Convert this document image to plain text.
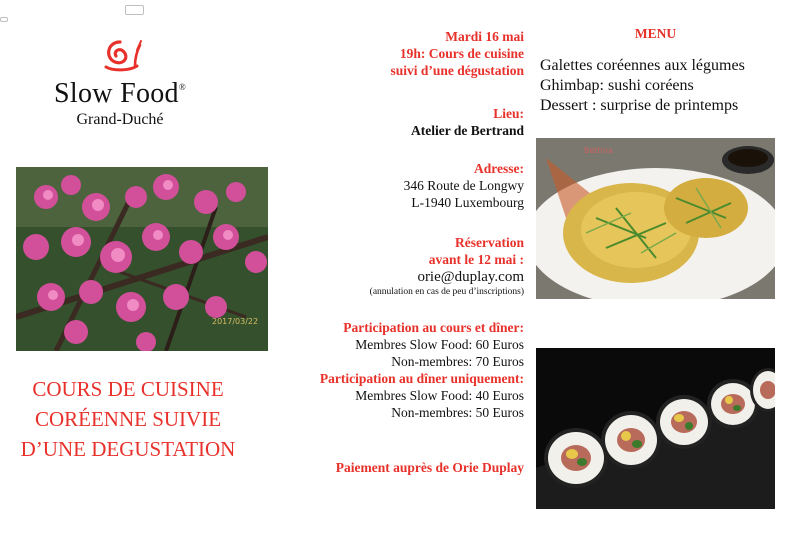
Slow Food®
Grand-Duché
2017/03/22
COURS DE CUISINE
CORÉENNE SUIVIE
D’UNE DEGUSTATION
Mardi 16 mai
19h: Cours de cuisine
suivi d’une dégustation
Lieu:
Atelier de Bertrand
Adresse:
346 Route de Longwy
L-1940 Luxembourg
Réservation
avant le 12 mai :
orie@duplay.com
(annulation en cas de peu d’inscriptions)
Participation au cours et dîner:
Membres Slow Food: 60 Euros
Non-membres: 70 Euros
Participation au dîner uniquement:
Membres Slow Food: 40 Euros
Non-membres: 50 Euros
Paiement auprès de Orie Duplay
MENU
Galettes coréennes aux légumes
Ghimbap: sushi coréens
Dessert : surprise de printemps
Bettina
